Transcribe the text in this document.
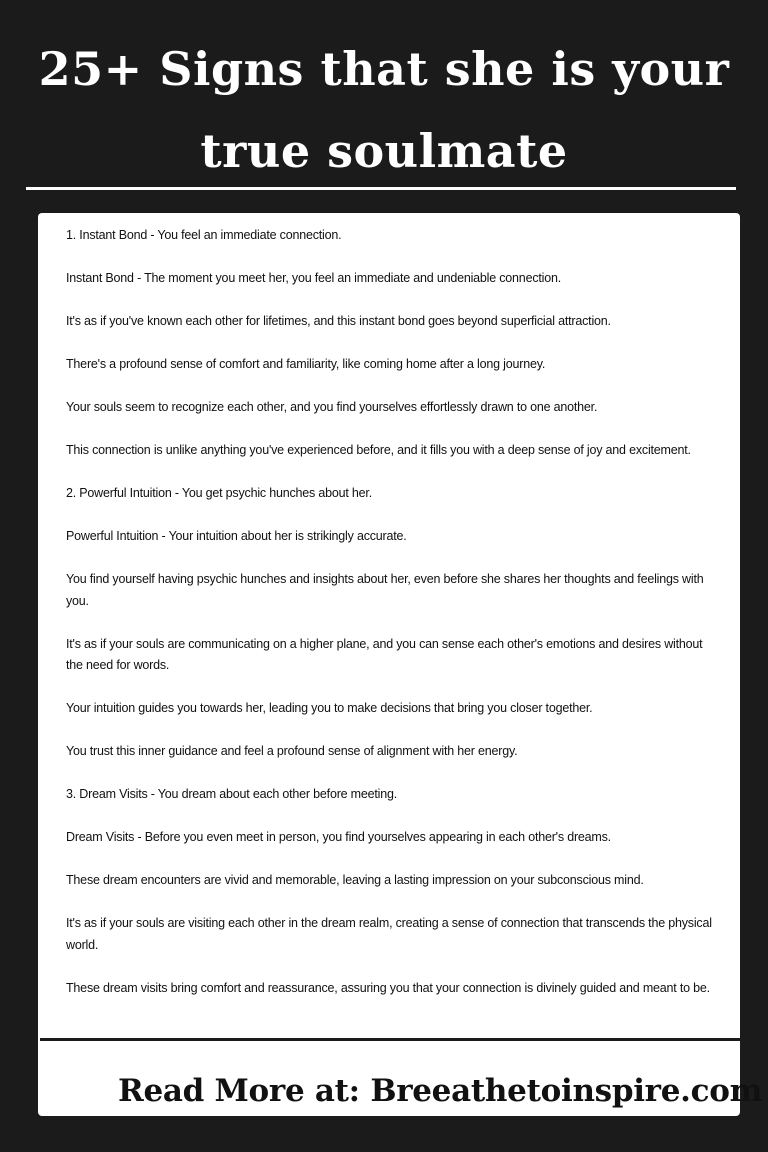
25+ Signs that she is your
true soulmate

1. Instant Bond - You feel an immediate connection.

Instant Bond - The moment you meet her, you feel an immediate and undeniable connection.

It's as if you've known each other for lifetimes, and this instant bond goes beyond superficial attraction.

There's a profound sense of comfort and familiarity, like coming home after a long journey.

Your souls seem to recognize each other, and you find yourselves effortlessly drawn to one another.

This connection is unlike anything you've experienced before, and it fills you with a deep sense of joy and excitement.

2. Powerful Intuition - You get psychic hunches about her.

Powerful Intuition - Your intuition about her is strikingly accurate.

You find yourself having psychic hunches and insights about her, even before she shares her thoughts and feelings with you.

It's as if your souls are communicating on a higher plane, and you can sense each other's emotions and desires without the need for words.

Your intuition guides you towards her, leading you to make decisions that bring you closer together.

You trust this inner guidance and feel a profound sense of alignment with her energy.

3. Dream Visits - You dream about each other before meeting.

Dream Visits - Before you even meet in person, you find yourselves appearing in each other's dreams.

These dream encounters are vivid and memorable, leaving a lasting impression on your subconscious mind.

It's as if your souls are visiting each other in the dream realm, creating a sense of connection that transcends the physical world.

These dream visits bring comfort and reassurance, assuring you that your connection is divinely guided and meant to be.

Read More at: Breeathetoinspire.com
